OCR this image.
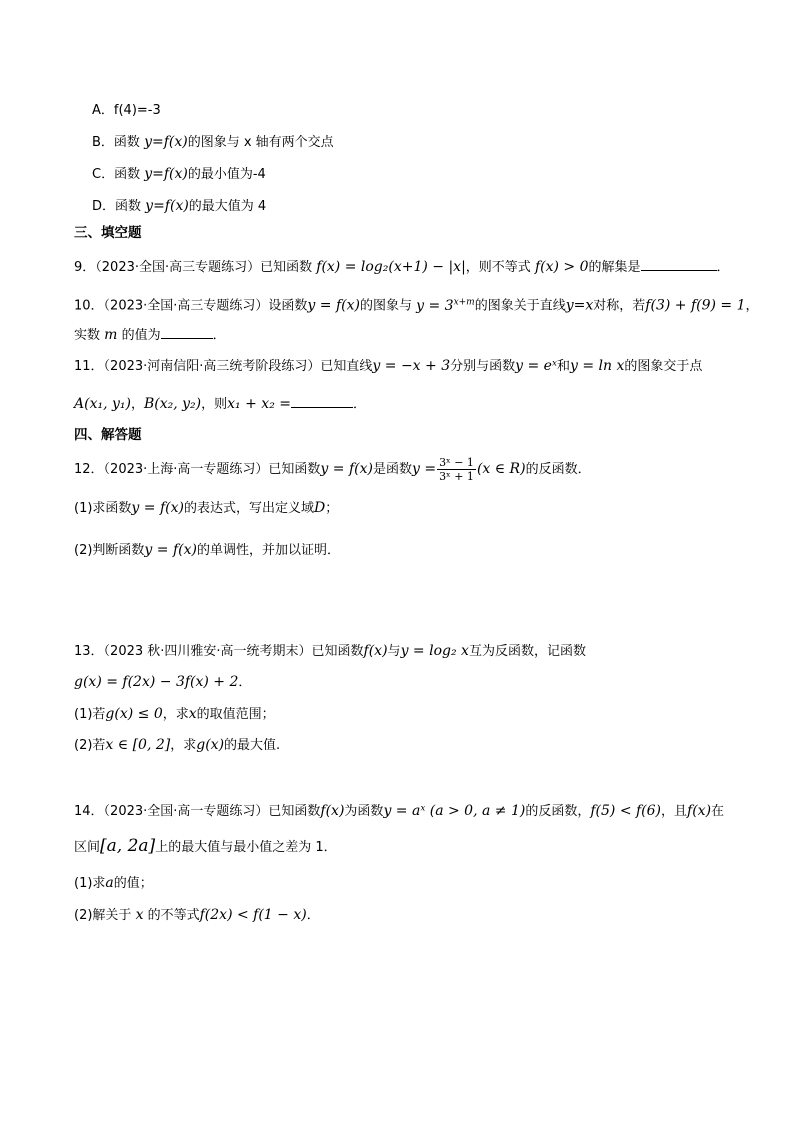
A．f(4)=-3
B．函数 y=f(x)的图象与 x 轴有两个交点
C．函数 y=f(x)的最小值为-4
D．函数 y=f(x)的最大值为 4
三、填空题
9．（2023·全国·高三专题练习）已知函数 f(x) = log₂(x+1) − |x|，则不等式 f(x) > 0的解集是	．
10．（2023·全国·高三专题练习）设函数y = f(x)的图象与 $y = 3^{x+m}$的图象关于直线y=x对称，若f(3) + f(9) = 1，
实数 m 的值为	．
11．（2023·河南信阳·高三统考阶段练习）已知直线y = −x + 3分别与函数y = eˣ和y = ln x的图象交于点
A(x₁, y₁)，B(x₂, y₂)，则x₁ + x₂ =	．
四、解答题
12．（2023·上海·高一专题练习）已知函数y = f(x)是函数$y = \frac{\text{3ˣ − 1}}{\text{3ˣ + 1}} (x$ ∈ R)的反函数．
(1)求函数y = f(x)的表达式，写出定义域D；
(2)判断函数y = f(x)的单调性，并加以证明．
13．（2023 秋·四川雅安·高一统考期末）已知函数f(x)与y = log₂ x互为反函数，记函数
g(x) = f(2x) − 3f(x) + 2．
(1)若g(x) ≤ 0，求x的取值范围；
(2)若x ∈ [0, 2]，求g(x)的最大值.
14．（2023·全国·高一专题练习）已知函数f(x)为函数y = aˣ (a > 0, a ≠ 1)的反函数，f(5) < f(6)，且f(x)在
区间[a, 2a]上的最大值与最小值之差为 1．
(1)求a的值；
(2)解关于 x 的不等式f(2x) < f(1 − x)．
